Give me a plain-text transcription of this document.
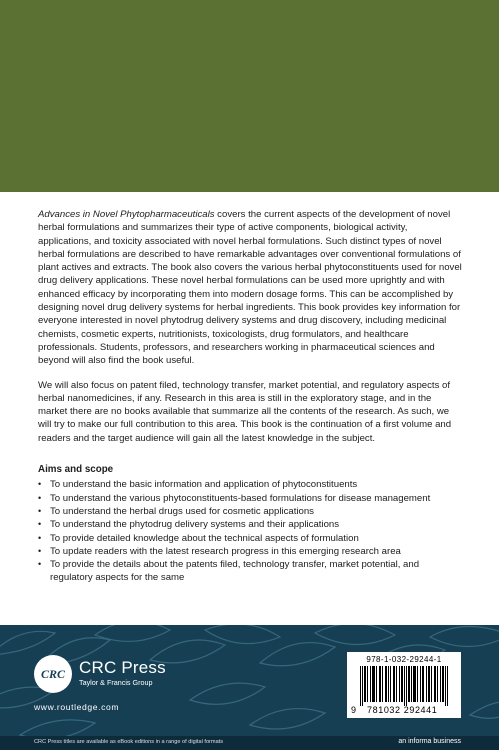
Advances in Novel Phytopharmaceuticals covers the current aspects of the development of novel herbal formulations and summarizes their type of active components, biological activity, applications, and toxicity associated with novel herbal formulations. Such distinct types of novel herbal formulations are described to have remarkable advantages over conventional formulations of plant actives and extracts. The book also covers the various herbal phytoconstituents used for novel drug delivery applications. These novel herbal formulations can be used more uprightly and with enhanced efficacy by incorporating them into modern dosage forms. This can be accomplished by designing novel drug delivery systems for herbal ingredients. This book provides key information for everyone interested in novel phytodrug delivery systems and drug discovery, including medicinal chemists, cosmetic experts, nutritionists, toxicologists, drug formulators, and healthcare professionals. Students, professors, and researchers working in pharmaceutical sciences and beyond will also find the book useful.

We will also focus on patent filed, technology transfer, market potential, and regulatory aspects of herbal nanomedicines, if any. Research in this area is still in the exploratory stage, and in the market there are no books available that summarize all the contents of the research. As such, we will try to make our full contribution to this area. This book is the continuation of a first volume and readers and the target audience will gain all the latest knowledge in the subject.

Aims and scope
• To understand the basic information and application of phytoconstituents
• To understand the various phytoconstituents-based formulations for disease management
• To understand the herbal drugs used for cosmetic applications
• To understand the phytodrug delivery systems and their applications
• To provide detailed knowledge about the technical aspects of formulation
• To update readers with the latest research progress in this emerging research area
• To provide the details about the patents filed, technology transfer, market potential, and regulatory aspects for the same
CRC CRC Press
Taylor & Francis Group
www.routledge.com
978-1-032-29244-1
9 781032 292441
CRC Press titles are available as eBook editions in a range of digital formats	an informa business
